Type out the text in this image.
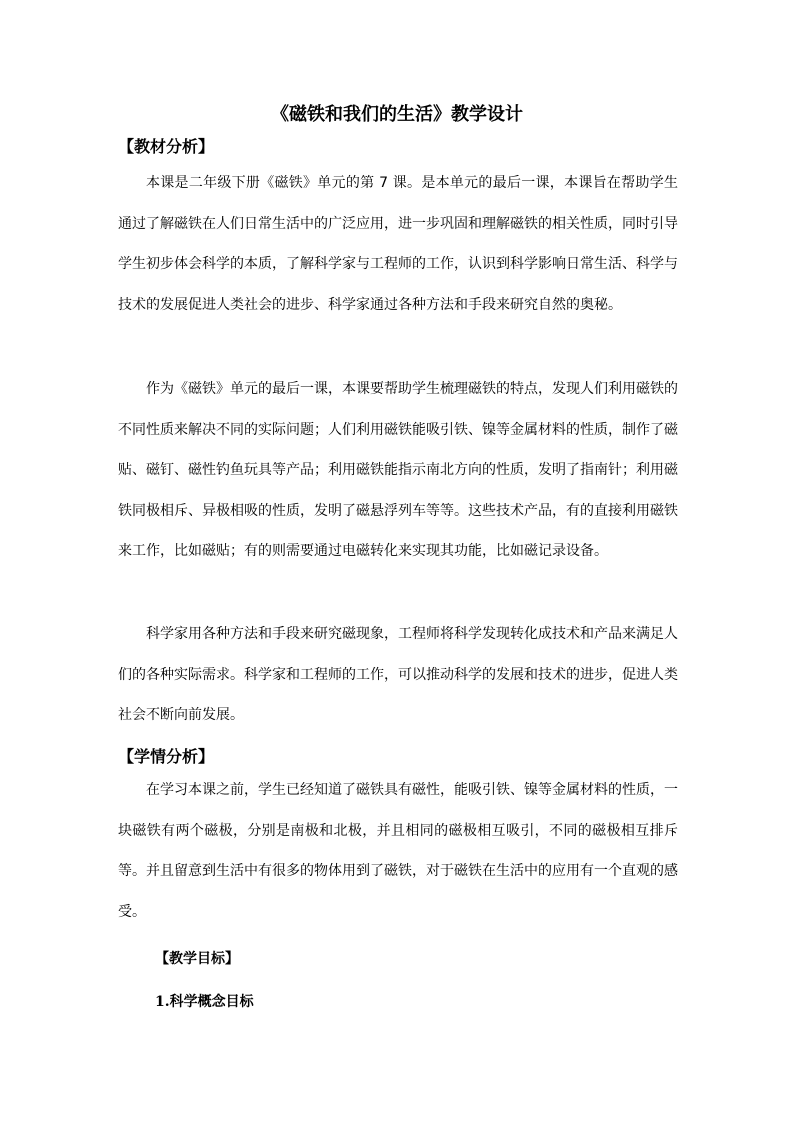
《磁铁和我们的生活》教学设计
【教材分析】

本课是二年级下册《磁铁》单元的第 7 课。是本单元的最后一课，本课旨在帮助学生通过了解磁铁在人们日常生活中的广泛应用，进一步巩固和理解磁铁的相关性质，同时引导学生初步体会科学的本质，了解科学家与工程师的工作，认识到科学影响日常生活、科学与技术的发展促进人类社会的进步、科学家通过各种方法和手段来研究自然的奥秘。

作为《磁铁》单元的最后一课，本课要帮助学生梳理磁铁的特点，发现人们利用磁铁的不同性质来解决不同的实际问题；人们利用磁铁能吸引铁、镍等金属材料的性质，制作了磁贴、磁钉、磁性钓鱼玩具等产品；利用磁铁能指示南北方向的性质，发明了指南针；利用磁铁同极相斥、异极相吸的性质，发明了磁悬浮列车等等。这些技术产品，有的直接利用磁铁来工作，比如磁贴；有的则需要通过电磁转化来实现其功能，比如磁记录设备。

科学家用各种方法和手段来研究磁现象，工程师将科学发现转化成技术和产品来满足人们的各种实际需求。科学家和工程师的工作，可以推动科学的发展和技术的进步，促进人类社会不断向前发展。

【学情分析】

在学习本课之前，学生已经知道了磁铁具有磁性，能吸引铁、镍等金属材料的性质，一块磁铁有两个磁极，分别是南极和北极，并且相同的磁极相互吸引，不同的磁极相互排斥等。并且留意到生活中有很多的物体用到了磁铁，对于磁铁在生活中的应用有一个直观的感受。

【教学目标】
1.科学概念目标
